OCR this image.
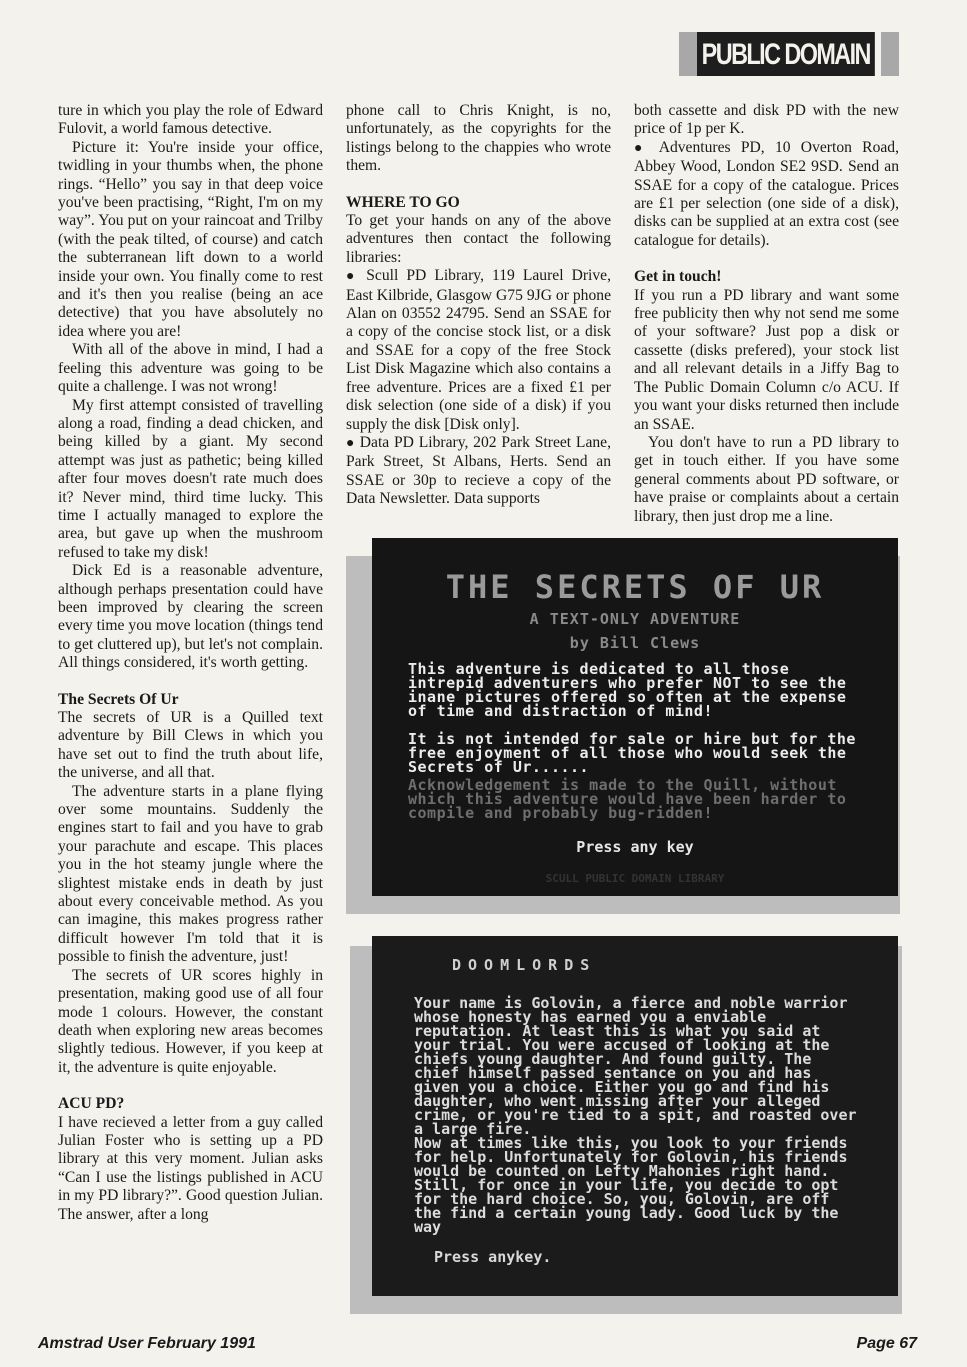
PUBLIC DOMAIN

ture in which you play the role of Edward Fulovit, a world famous detective.

Picture it: You're inside your office, twidling in your thumbs when, the phone rings. “Hello” you say in that deep voice you've been practising, “Right, I'm on my way”. You put on your raincoat and Trilby (with the peak tilted, of course) and catch the subterranean lift down to a world inside your own. You finally come to rest and it's then you realise (being an ace detective) that you have absolutely no idea where you are!

With all of the above in mind, I had a feeling this adventure was going to be quite a challenge. I was not wrong!

My first attempt consisted of travelling along a road, finding a dead chicken, and being killed by a giant. My second attempt was just as pathetic; being killed after four moves doesn't rate much does it? Never mind, third time lucky. This time I actually managed to explore the area, but gave up when the mushroom refused to take my disk!

Dick Ed is a reasonable adventure, although perhaps presentation could have been improved by clearing the screen every time you move location (things tend to get cluttered up), but let's not complain. All things considered, it's worth getting.

The Secrets Of Ur

The secrets of UR is a Quilled text adventure by Bill Clews in which you have set out to find the truth about life, the universe, and all that.

The adventure starts in a plane flying over some mountains. Suddenly the engines start to fail and you have to grab your parachute and escape. This places you in the hot steamy jungle where the slightest mistake ends in death by just about every conceivable method. As you can imagine, this makes progress rather difficult however I'm told that it is possible to finish the adventure, just!

The secrets of UR scores highly in presentation, making good use of all four mode 1 colours. However, the constant death when exploring new areas becomes slightly tedious. However, if you keep at it, the adventure is quite enjoyable.

ACU PD?

I have recieved a letter from a guy called Julian Foster who is setting up a PD library at this very moment. Julian asks “Can I use the listings published in ACU in my PD library?”. Good question Julian. The answer, after a long

phone call to Chris Knight, is no, unfortunately, as the copyrights for the listings belong to the chappies who wrote them.

WHERE TO GO

To get your hands on any of the above adventures then contact the following libraries:

● Scull PD Library, 119 Laurel Drive, East Kilbride, Glasgow G75 9JG or phone Alan on 03552 24795. Send an SSAE for a copy of the concise stock list, or a disk and SSAE for a copy of the free Stock List Disk Magazine which also contains a free adventure. Prices are a fixed £1 per disk selection (one side of a disk) if you supply the disk [Disk only].

● Data PD Library, 202 Park Street Lane, Park Street, St Albans, Herts. Send an SSAE or 30p to recieve a copy of the Data Newsletter. Data supports

both cassette and disk PD with the new price of 1p per K.

● Adventures PD, 10 Overton Road, Abbey Wood, London SE2 9SD. Send an SSAE for a copy of the catalogue. Prices are £1 per selection (one side of a disk), disks can be supplied at an extra cost (see catalogue for details).

Get in touch!

If you run a PD library and want some free publicity then why not send me some of your software? Just pop a disk or cassette (disks prefered), your stock list and all relevant details in a Jiffy Bag to The Public Domain Column c/o ACU. If you want your disks returned then include an SSAE.

You don't have to run a PD library to get in touch either. If you have some general comments about PD software, or have praise or complaints about a certain library, then just drop me a line.

THE SECRETS OF UR
A TEXT-ONLY ADVENTURE
by Bill Clews
This adventure is dedicated to all those intrepid adventurers who prefer NOT to see the inane pictures offered so often at the expense of time and distraction of mind!
It is not intended for sale or hire but for the free enjoyment of all those who would seek the Secrets of Ur......
Acknowledgement is made to the Quill, without which this adventure would have been harder to compile and probably bug-ridden!
Press any key
SCULL PUBLIC DOMAIN LIBRARY
DOOMLORDS
Your name is Golovin, a fierce and noble warrior whose honesty has earned you a enviable reputation. At least this is what you said at your trial. You were accused of looking at the chiefs young daughter. And found guilty. The chief himself passed sentance on you and has given you a choice. Either you go and find his daughter, who went missing after your alleged crime, or you're tied to a spit, and roasted over a large fire.
Now at times like this, you look to your friends for help. Unfortunately for Golovin, his friends would be counted on Lefty Mahonies right hand. Still, for once in your life, you decide to opt for the hard choice. So, you, Golovin, are off the find a certain young lady. Good luck by the way
Press anykey.
Amstrad User February 1991	Page 67
